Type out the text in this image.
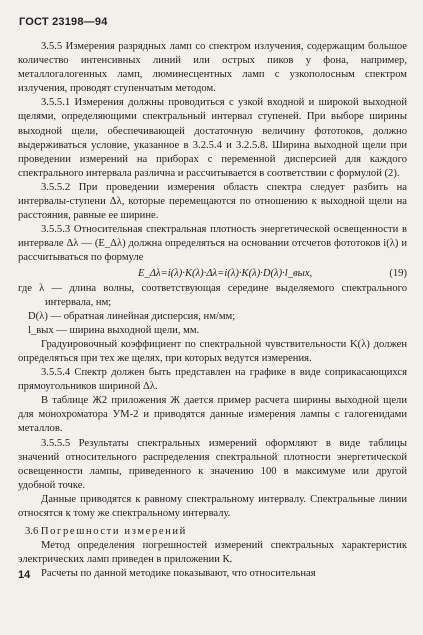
ГОСТ 23198—94

3.5.5 Измерения разрядных ламп со спектром излучения, содержащим большое количество интенсивных линий или острых пиков у фона, например, металлогалогенных ламп, люминесцентных ламп с узкополосным спектром излучения, проводят ступенчатым методом.

3.5.5.1 Измерения должны проводиться с узкой входной и широкой выходной щелями, определяющими спектральный интервал ступеней. При выборе ширины выходной щели, обеспечивающей достаточную величину фототоков, должно выдерживаться условие, указанное в 3.2.5.4 и 3.2.5.8. Ширина выходной щели при проведении измерений на приборах с переменной дисперсией для каждого спектрального интервала различна и рассчитывается в соответствии с формулой (2).

3.5.5.2 При проведении измерения область спектра следует разбить на интервалы-ступени Δλ, которые перемещаются по отношению к выходной щели на расстояния, равные ее ширине.

3.5.5.3 Относительная спектральная плотность энергетической освещенности в интервале Δλ — (E_Δλ) должна определяться на основании отсчетов фототоков i(λ) и рассчитываться по формуле

E_Δλ=i(λ)·K(λ)·Δλ=i(λ)·K(λ)·D(λ)·l_вых,	(19)

где λ — длина волны, соответствующая середине выделяемого спектрального интервала, нм;

D(λ) — обратная линейная дисперсия, нм/мм;

l_вых — ширина выходной щели, мм.

Градуировочный коэффициент по спектральной чувствительности K(λ) должен определяться при тех же щелях, при которых ведутся измерения.

3.5.5.4 Спектр должен быть представлен на графике в виде соприкасающихся прямоугольников шириной Δλ.

В таблице Ж2 приложения Ж дается пример расчета ширины выходной щели для монохроматора УМ-2 и приводятся данные измерения лампы с галогенидами металлов.

3.5.5.5 Результаты спектральных измерений оформляют в виде таблицы значений относительного распределения спектральной плотности энергетической освещенности лампы, приведенного к значению 100 в максимуме или другой удобной точке.

Данные приводятся к равному спектральному интервалу. Спектральные линии относятся к тому же спектральному интервалу.

3.6 Погрешности измерений

Метод определения погрешностей измерений спектральных характеристик электрических ламп приведен в приложении К.

Расчеты по данной методике показывают, что относительная

14
